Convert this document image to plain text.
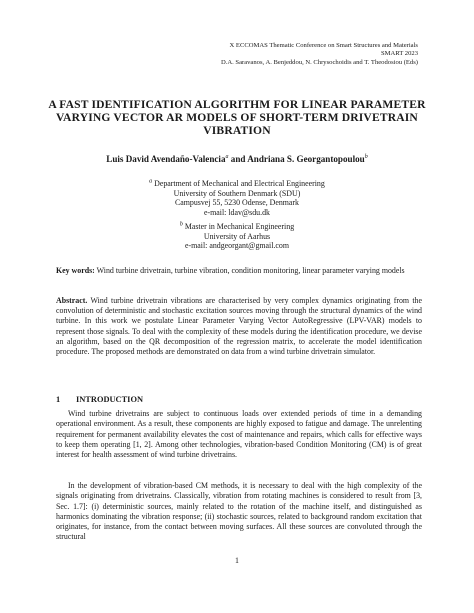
X ECCOMAS Thematic Conference on Smart Structures and Materials
SMART 2023
D.A. Saravanos, A. Benjeddou, N. Chrysochoidis and T. Theodosiou (Eds)
A FAST IDENTIFICATION ALGORITHM FOR LINEAR PARAMETER VARYING VECTOR AR MODELS OF SHORT-TERM DRIVETRAIN VIBRATION
Luis David Avendaño-Valencia$^a$ and Andriana S. Georgantopoulou$^b$
$^a$ Department of Mechanical and Electrical Engineering
University of Southern Denmark (SDU)
Campusvej 55, 5230 Odense, Denmark
e-mail: ldav@sdu.dk
$^b$ Master in Mechanical Engineering
University of Aarhus
e-mail: andgeorgant@gmail.com
Key words: Wind turbine drivetrain, turbine vibration, condition monitoring, linear parameter varying models
Abstract. Wind turbine drivetrain vibrations are characterised by very complex dynamics originating from the convolution of deterministic and stochastic excitation sources moving through the structural dynamics of the wind turbine. In this work we postulate Linear Parameter Varying Vector AutoRegressive (LPV-VAR) models to represent those signals. To deal with the complexity of these models during the identification procedure, we devise an algorithm, based on the QR decomposition of the regression matrix, to accelerate the model identification procedure. The proposed methods are demonstrated on data from a wind turbine drivetrain simulator.
1 INTRODUCTION
Wind turbine drivetrains are subject to continuous loads over extended periods of time in a demanding operational environment. As a result, these components are highly exposed to fatigue and damage. The unrelenting requirement for permanent availability elevates the cost of maintenance and repairs, which calls for effective ways to keep them operating [1, 2]. Among other technologies, vibration-based Condition Monitoring (CM) is of great interest for health assessment of wind turbine drivetrains.
In the development of vibration-based CM methods, it is necessary to deal with the high complexity of the signals originating from drivetrains. Classically, vibration from rotating machines is considered to result from [3, Sec. 1.7]: (i) deterministic sources, mainly related to the rotation of the machine itself, and distinguished as harmonics dominating the vibration response; (ii) stochastic sources, related to background random excitation that originates, for instance, from the contact between moving surfaces. All these sources are convoluted through the structural
1
